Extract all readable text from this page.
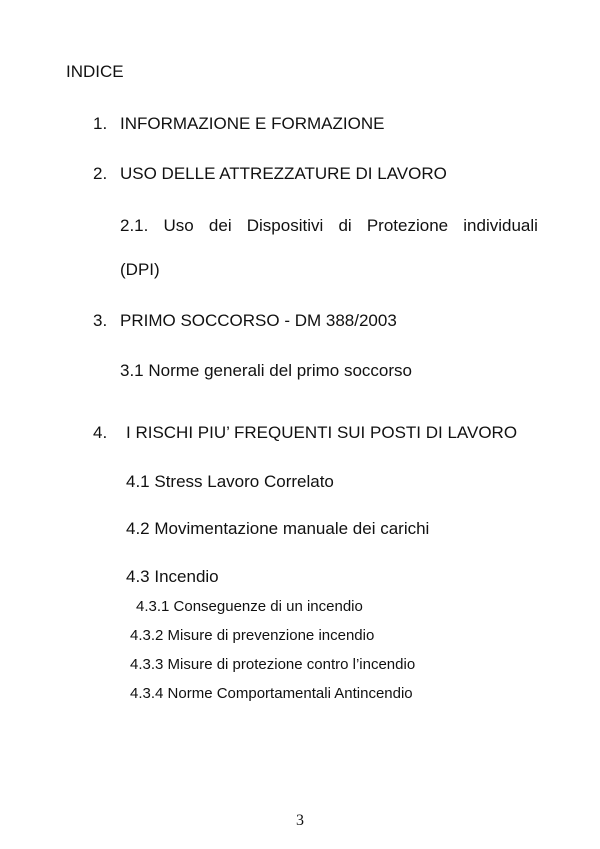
INDICE
1. INFORMAZIONE E FORMAZIONE
2. USO DELLE ATTREZZATURE DI LAVORO
2.1. Uso dei Dispositivi di Protezione individuali
(DPI)
3. PRIMO SOCCORSO - DM 388/2003
3.1 Norme generali del primo soccorso
4. I RISCHI PIU’ FREQUENTI SUI POSTI DI LAVORO
4.1 Stress Lavoro Correlato
4.2 Movimentazione manuale dei carichi
4.3 Incendio
4.3.1 Conseguenze di un incendio
4.3.2 Misure di prevenzione incendio
4.3.3 Misure di protezione contro l’incendio
4.3.4 Norme Comportamentali Antincendio
3
